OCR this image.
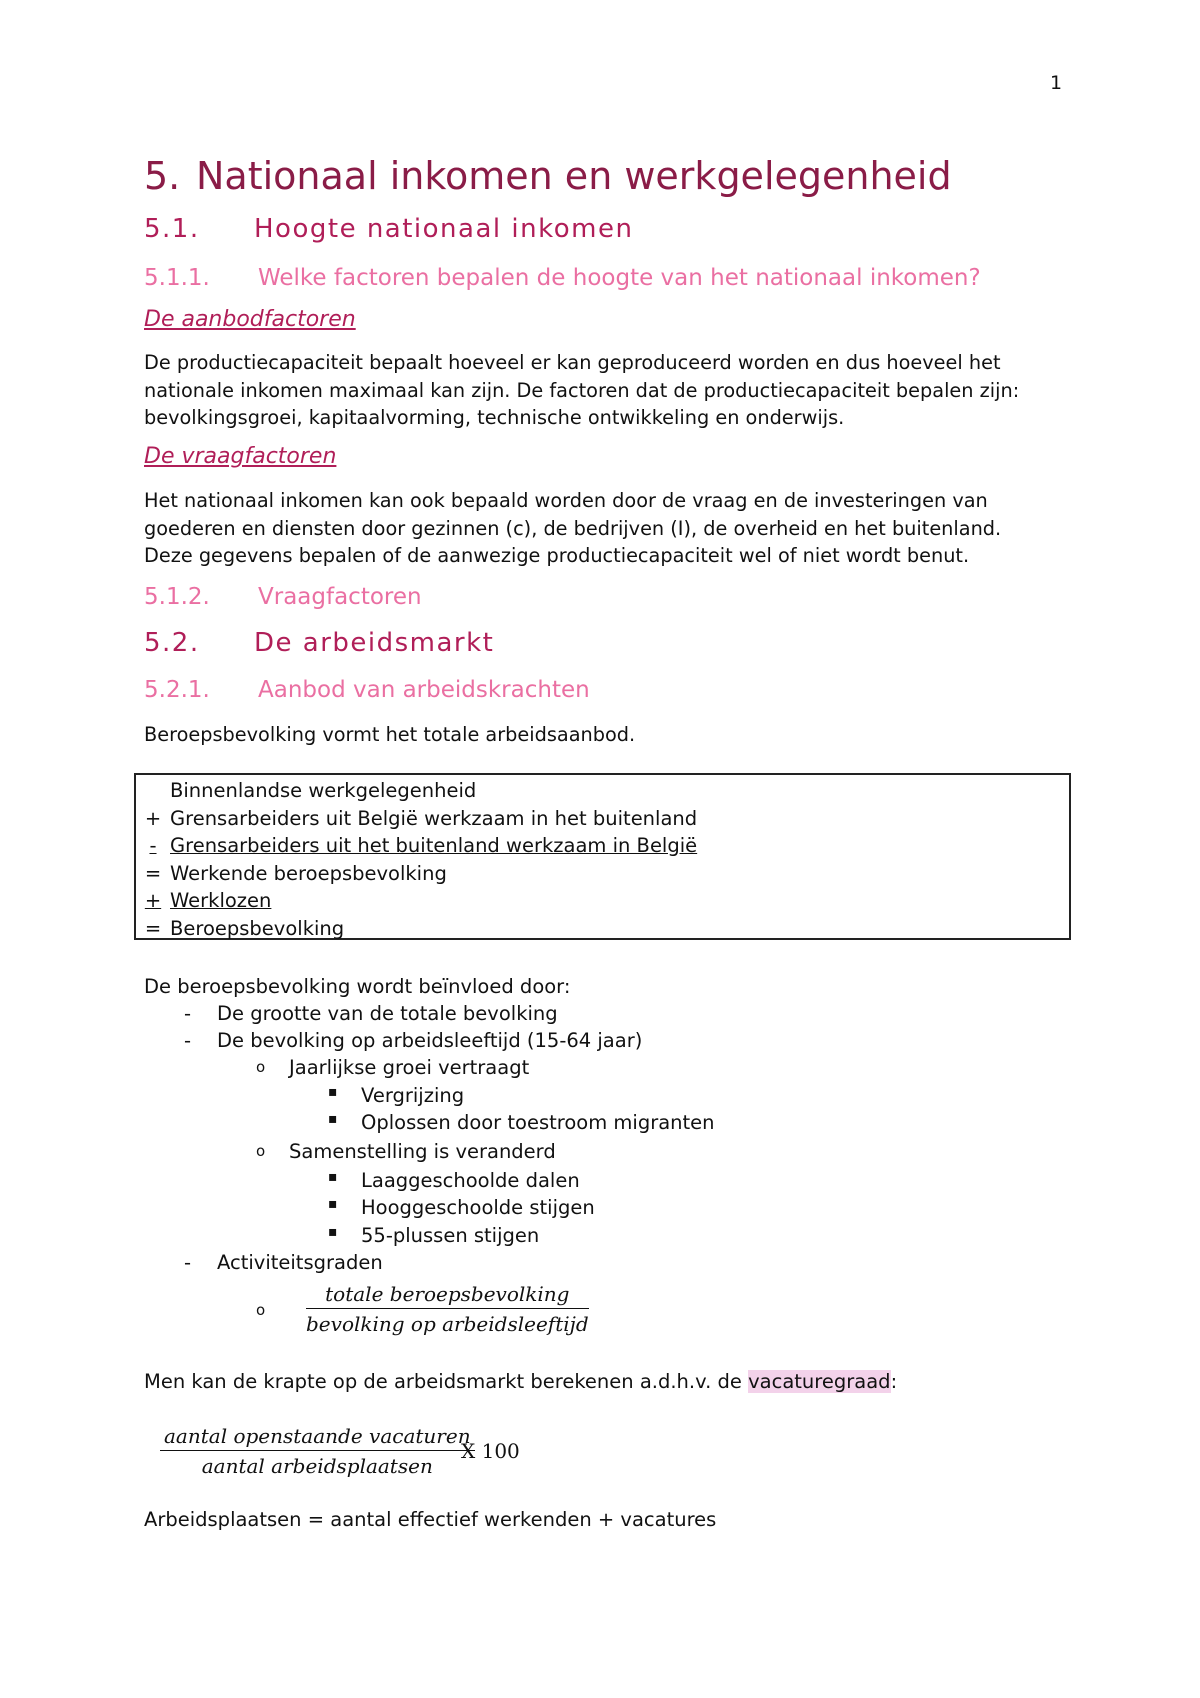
1
5. Nationaal inkomen en werkgelegenheid
5.1. Hoogte nationaal inkomen
5.1.1. Welke factoren bepalen de hoogte van het nationaal inkomen?
De aanbodfactoren

De productiecapaciteit bepaalt hoeveel er kan geproduceerd worden en dus hoeveel het

nationale inkomen maximaal kan zijn. De factoren dat de productiecapaciteit bepalen zijn:

bevolkingsgroei, kapitaalvorming, technische ontwikkeling en onderwijs.

De vraagfactoren

Het nationaal inkomen kan ook bepaald worden door de vraag en de investeringen van

goederen en diensten door gezinnen (c), de bedrijven (I), de overheid en het buitenland.

Deze gegevens bepalen of de aanwezige productiecapaciteit wel of niet wordt benut.

5.1.2. Vraagfactoren
5.2. De arbeidsmarkt
5.2.1. Aanbod van arbeidskrachten
Beroepsbevolking vormt het totale arbeidsaanbod.
Binnenlandse werkgelegenheid
+ Grensarbeiders uit België werkzaam in het buitenland
- Grensarbeiders uit het buitenland werkzaam in België
= Werkende beroepsbevolking
+ Werklozen
= Beroepsbevolking
De beroepsbevolking wordt beïnvloed door:
- De grootte van de totale bevolking
- De bevolking op arbeidsleeftijd (15-64 jaar)
o Jaarlijkse groei vertraagt
▪ Vergrijzing
▪ Oplossen door toestroom migranten
o Samenstelling is veranderd
▪ Laaggeschoolde dalen
▪ Hooggeschoolde stijgen
▪ 55-plussen stijgen
- Activiteitsgraden
o
totale beroepsbevolking
bevolking op arbeidsleeftijd
Men kan de krapte op de arbeidsmarkt berekenen a.d.h.v. de vacaturegraad:
aantal openstaande vacaturen
aantal arbeidsplaatsen
X 100
Arbeidsplaatsen = aantal effectief werkenden + vacatures
